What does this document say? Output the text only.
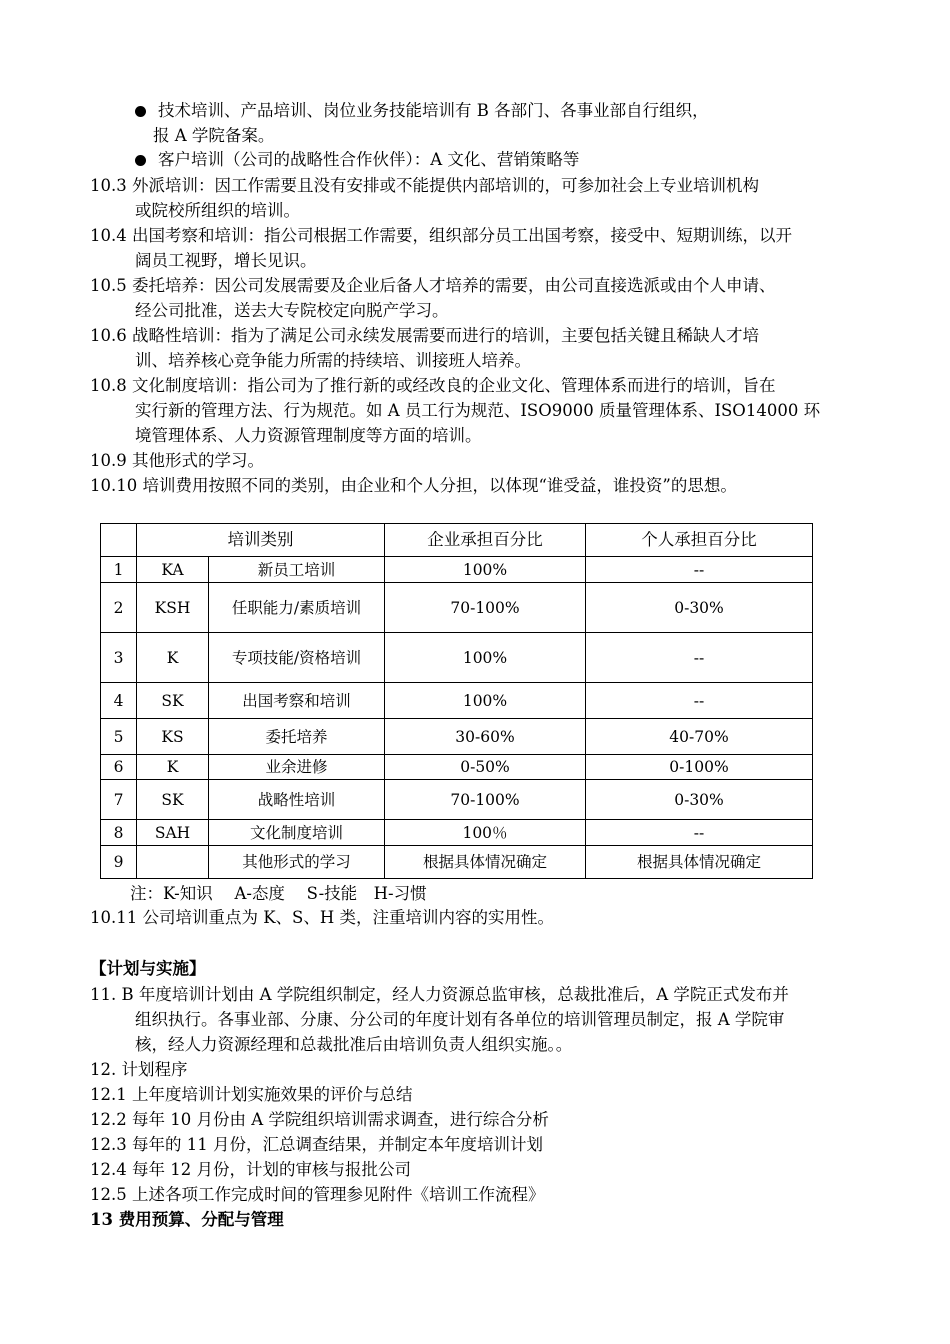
技术培训、产品培训、岗位业务技能培训有 B 各部门、各事业部自行组织，
报 A 学院备案。
客户培训（公司的战略性合作伙伴）：A 文化、营销策略等
10.3 外派培训：因工作需要且没有安排或不能提供内部培训的，可参加社会上专业培训机构
或院校所组织的培训。
10.4 出国考察和培训：指公司根据工作需要，组织部分员工出国考察，接受中、短期训练，以开
阔员工视野，增长见识。
10.5 委托培养：因公司发展需要及企业后备人才培养的需要，由公司直接选派或由个人申请、
经公司批准，送去大专院校定向脱产学习。
10.6 战略性培训：指为了满足公司永续发展需要而进行的培训，主要包括关键且稀缺人才培
训、培养核心竞争能力所需的持续培、训接班人培养。
10.8 文化制度培训：指公司为了推行新的或经改良的企业文化、管理体系而进行的培训，旨在
实行新的管理方法、行为规范。如 A 员工行为规范、ISO9000 质量管理体系、ISO14000 环
境管理体系、人力资源管理制度等方面的培训。
10.9 其他形式的学习。
10.10 培训费用按照不同的类别，由企业和个人分担，以体现“谁受益，谁投资”的思想。
	培训类别		企业承担百分比	个人承担百分比
1	KA	新员工培训	100%	--
2	KSH	任职能力/素质培训	70-100%	0-30%
3	K	专项技能/资格培训	100%	--
4	SK	出国考察和培训	100%	--
5	KS	委托培养	30-60%	40-70%
6	K	业余进修	0-50%	0-100%
7	SK	战略性培训	70-100%	0-30%
8	SAH	文化制度培训	100％	--
9		其他形式的学习	根据具体情况确定	根据具体情况确定
注：K-知识　 A-态度　 S-技能　H-习惯
10.11 公司培训重点为 K、S、H 类，注重培训内容的实用性。
【计划与实施】
11. B 年度培训计划由 A 学院组织制定，经人力资源总监审核，总裁批准后，A 学院正式发布并
组织执行。各事业部、分康、分公司的年度计划有各单位的培训管理员制定，报 A 学院审
核，经人力资源经理和总裁批准后由培训负责人组织实施。。
12. 计划程序
12.1 上年度培训计划实施效果的评价与总结
12.2 每年 10 月份由 A 学院组织培训需求调查，进行综合分析
12.3 每年的 11 月份，汇总调查结果，并制定本年度培训计划
12.4 每年 12 月份，计划的审核与报批公司
12.5 上述各项工作完成时间的管理参见附件《培训工作流程》
13 费用预算、分配与管理
